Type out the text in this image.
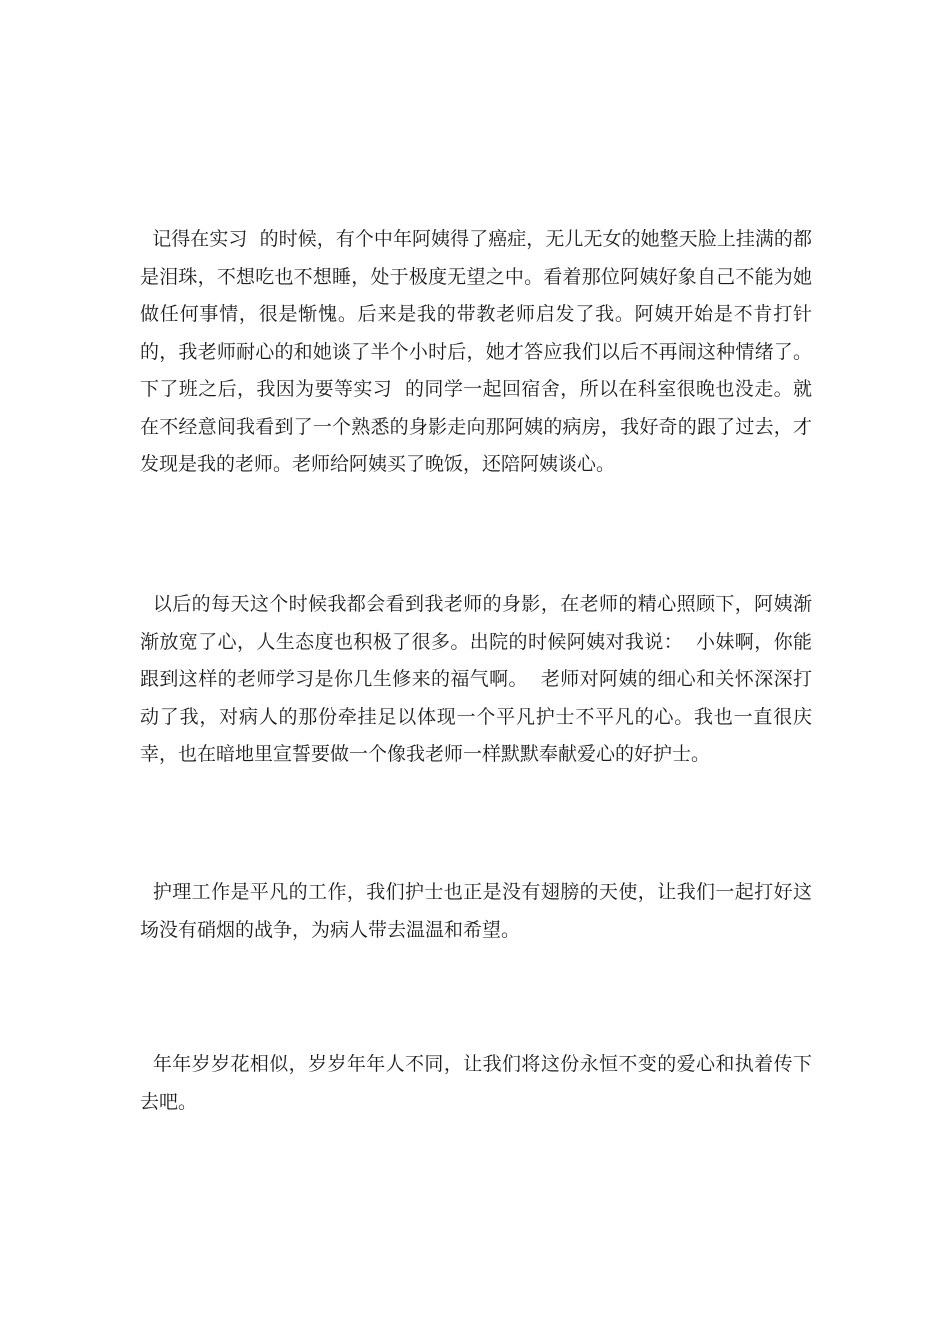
记得在实习  的时候，有个中年阿姨得了癌症，无儿无女的她整天脸上挂满的都是泪珠，不想吃也不想睡，处于极度无望之中。看着那位阿姨好象自己不能为她做任何事情，很是惭愧。后来是我的带教老师启发了我。阿姨开始是不肯打针的，我老师耐心的和她谈了半个小时后，她才答应我们以后不再闹这种情绪了。下了班之后，我因为要等实习  的同学一起回宿舍，所以在科室很晚也没走。就在不经意间我看到了一个熟悉的身影走向那阿姨的病房，我好奇的跟了过去，才发现是我的老师。老师给阿姨买了晚饭，还陪阿姨谈心。

以后的每天这个时候我都会看到我老师的身影，在老师的精心照顾下，阿姨渐渐放宽了心，人生态度也积极了很多。出院的时候阿姨对我说：  小妹啊，你能跟到这样的老师学习是你几生修来的福气啊。  老师对阿姨的细心和关怀深深打动了我，对病人的那份牵挂足以体现一个平凡护士不平凡的心。我也一直很庆幸，也在暗地里宣誓要做一个像我老师一样默默奉献爱心的好护士。

护理工作是平凡的工作，我们护士也正是没有翅膀的天使，让我们一起打好这场没有硝烟的战争，为病人带去温温和希望。

年年岁岁花相似，岁岁年年人不同，让我们将这份永恒不变的爱心和执着传下去吧。
